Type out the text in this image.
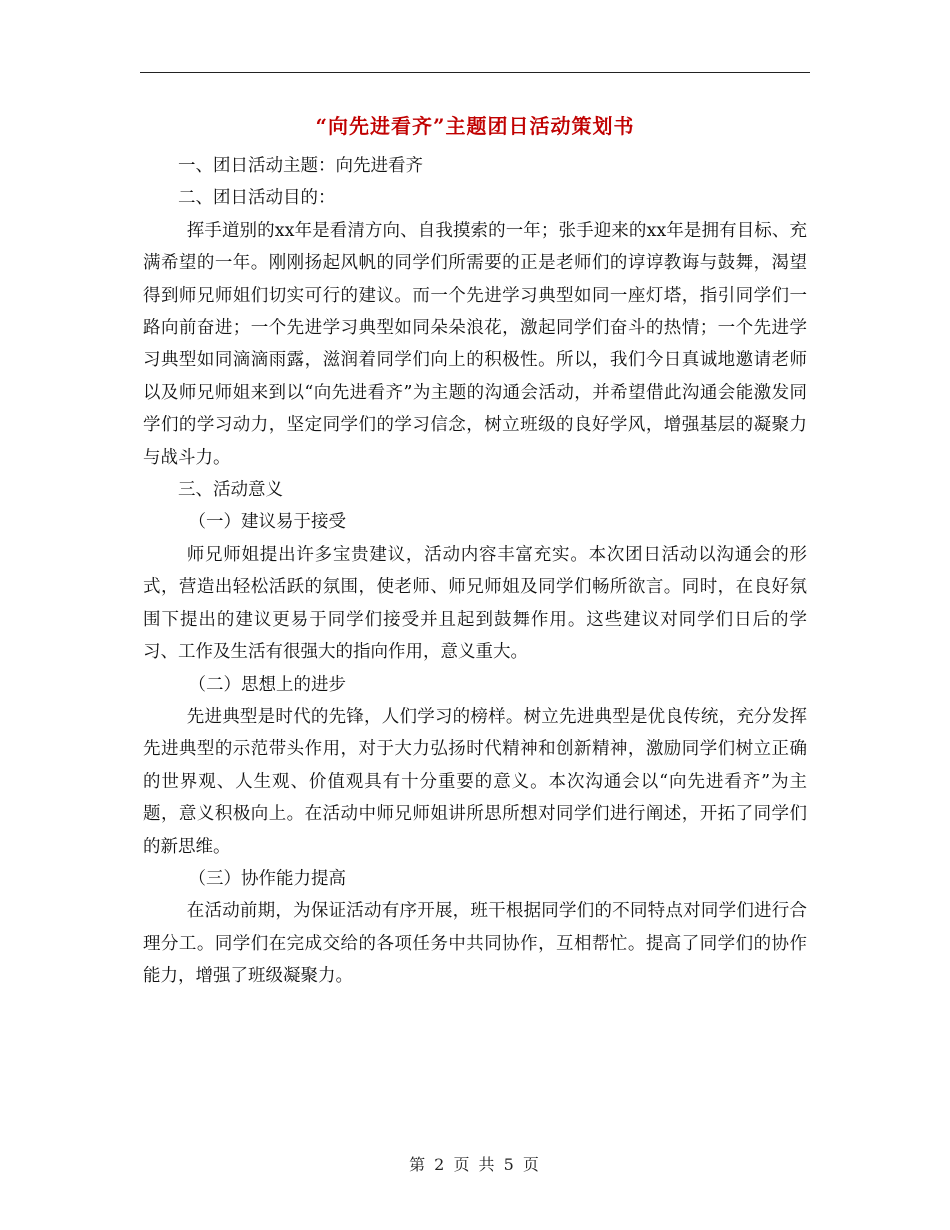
“向先进看齐”主题团日活动策划书

一、团日活动主题：向先进看齐

二、团日活动目的：

挥手道别的xx年是看清方向、自我摸索的一年；张手迎来的xx年是拥有目标、充满希望的一年。刚刚扬起风帆的同学们所需要的正是老师们的谆谆教诲与鼓舞，渴望得到师兄师姐们切实可行的建议。而一个先进学习典型如同一座灯塔，指引同学们一路向前奋进；一个先进学习典型如同朵朵浪花，激起同学们奋斗的热情；一个先进学习典型如同滴滴雨露，滋润着同学们向上的积极性。所以，我们今日真诚地邀请老师以及师兄师姐来到以“向先进看齐”为主题的沟通会活动，并希望借此沟通会能激发同学们的学习动力，坚定同学们的学习信念，树立班级的良好学风，增强基层的凝聚力与战斗力。

三、活动意义

（一）建议易于接受

师兄师姐提出许多宝贵建议，活动内容丰富充实。本次团日活动以沟通会的形式，营造出轻松活跃的氛围，使老师、师兄师姐及同学们畅所欲言。同时，在良好氛围下提出的建议更易于同学们接受并且起到鼓舞作用。这些建议对同学们日后的学习、工作及生活有很强大的指向作用，意义重大。

（二）思想上的进步

先进典型是时代的先锋，人们学习的榜样。树立先进典型是优良传统，充分发挥先进典型的示范带头作用，对于大力弘扬时代精神和创新精神，激励同学们树立正确的世界观、人生观、价值观具有十分重要的意义。本次沟通会以“向先进看齐”为主题，意义积极向上。在活动中师兄师姐讲所思所想对同学们进行阐述，开拓了同学们的新思维。

（三）协作能力提高

在活动前期，为保证活动有序开展，班干根据同学们的不同特点对同学们进行合理分工。同学们在完成交给的各项任务中共同协作，互相帮忙。提高了同学们的协作能力，增强了班级凝聚力。

第 2 页 共 5 页
